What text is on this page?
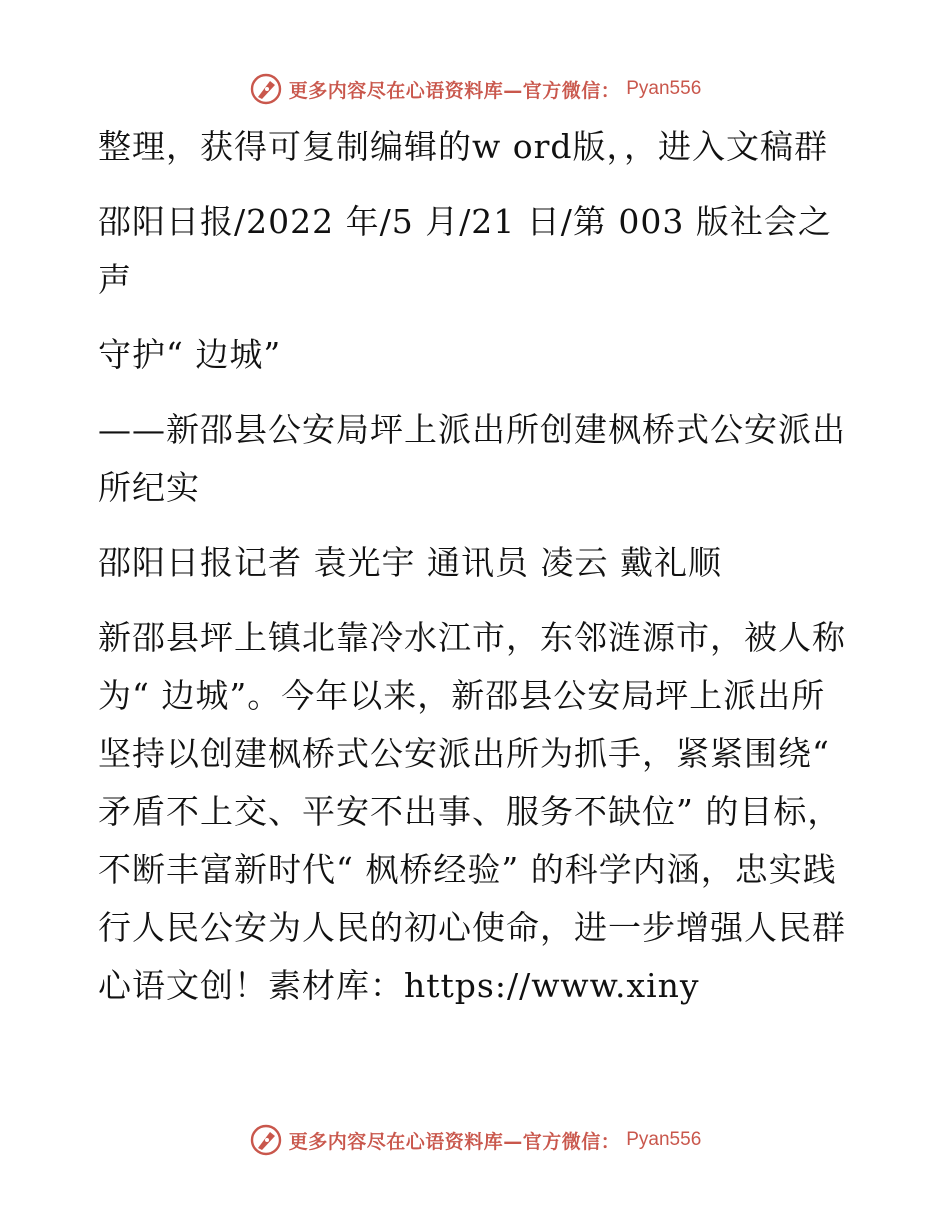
更多内容尽在心语资料库—官方微信： Pyan556

整理，获得可复制编辑的w ord版，，进入文稿群

邵阳日报/2022 年/5 月/21 日/第 003 版社会之声

守护“ 边城”

——新邵县公安局坪上派出所创建枫桥式公安派出所纪实

邵阳日报记者 袁光宇 通讯员 凌云 戴礼顺

新邵县坪上镇北靠冷水江市，东邻涟源市，被人称为“ 边城”。今年以来，新邵县公安局坪上派出所坚持以创建枫桥式公安派出所为抓手，紧紧围绕“ 矛盾不上交、平安不出事、服务不缺位” 的目标，不断丰富新时代“ 枫桥经验” 的科学内涵，忠实践行人民公安为人民的初心使命，进一步增强人民群心语文创！素材库：https://www.xiny

更多内容尽在心语资料库—官方微信： Pyan556
